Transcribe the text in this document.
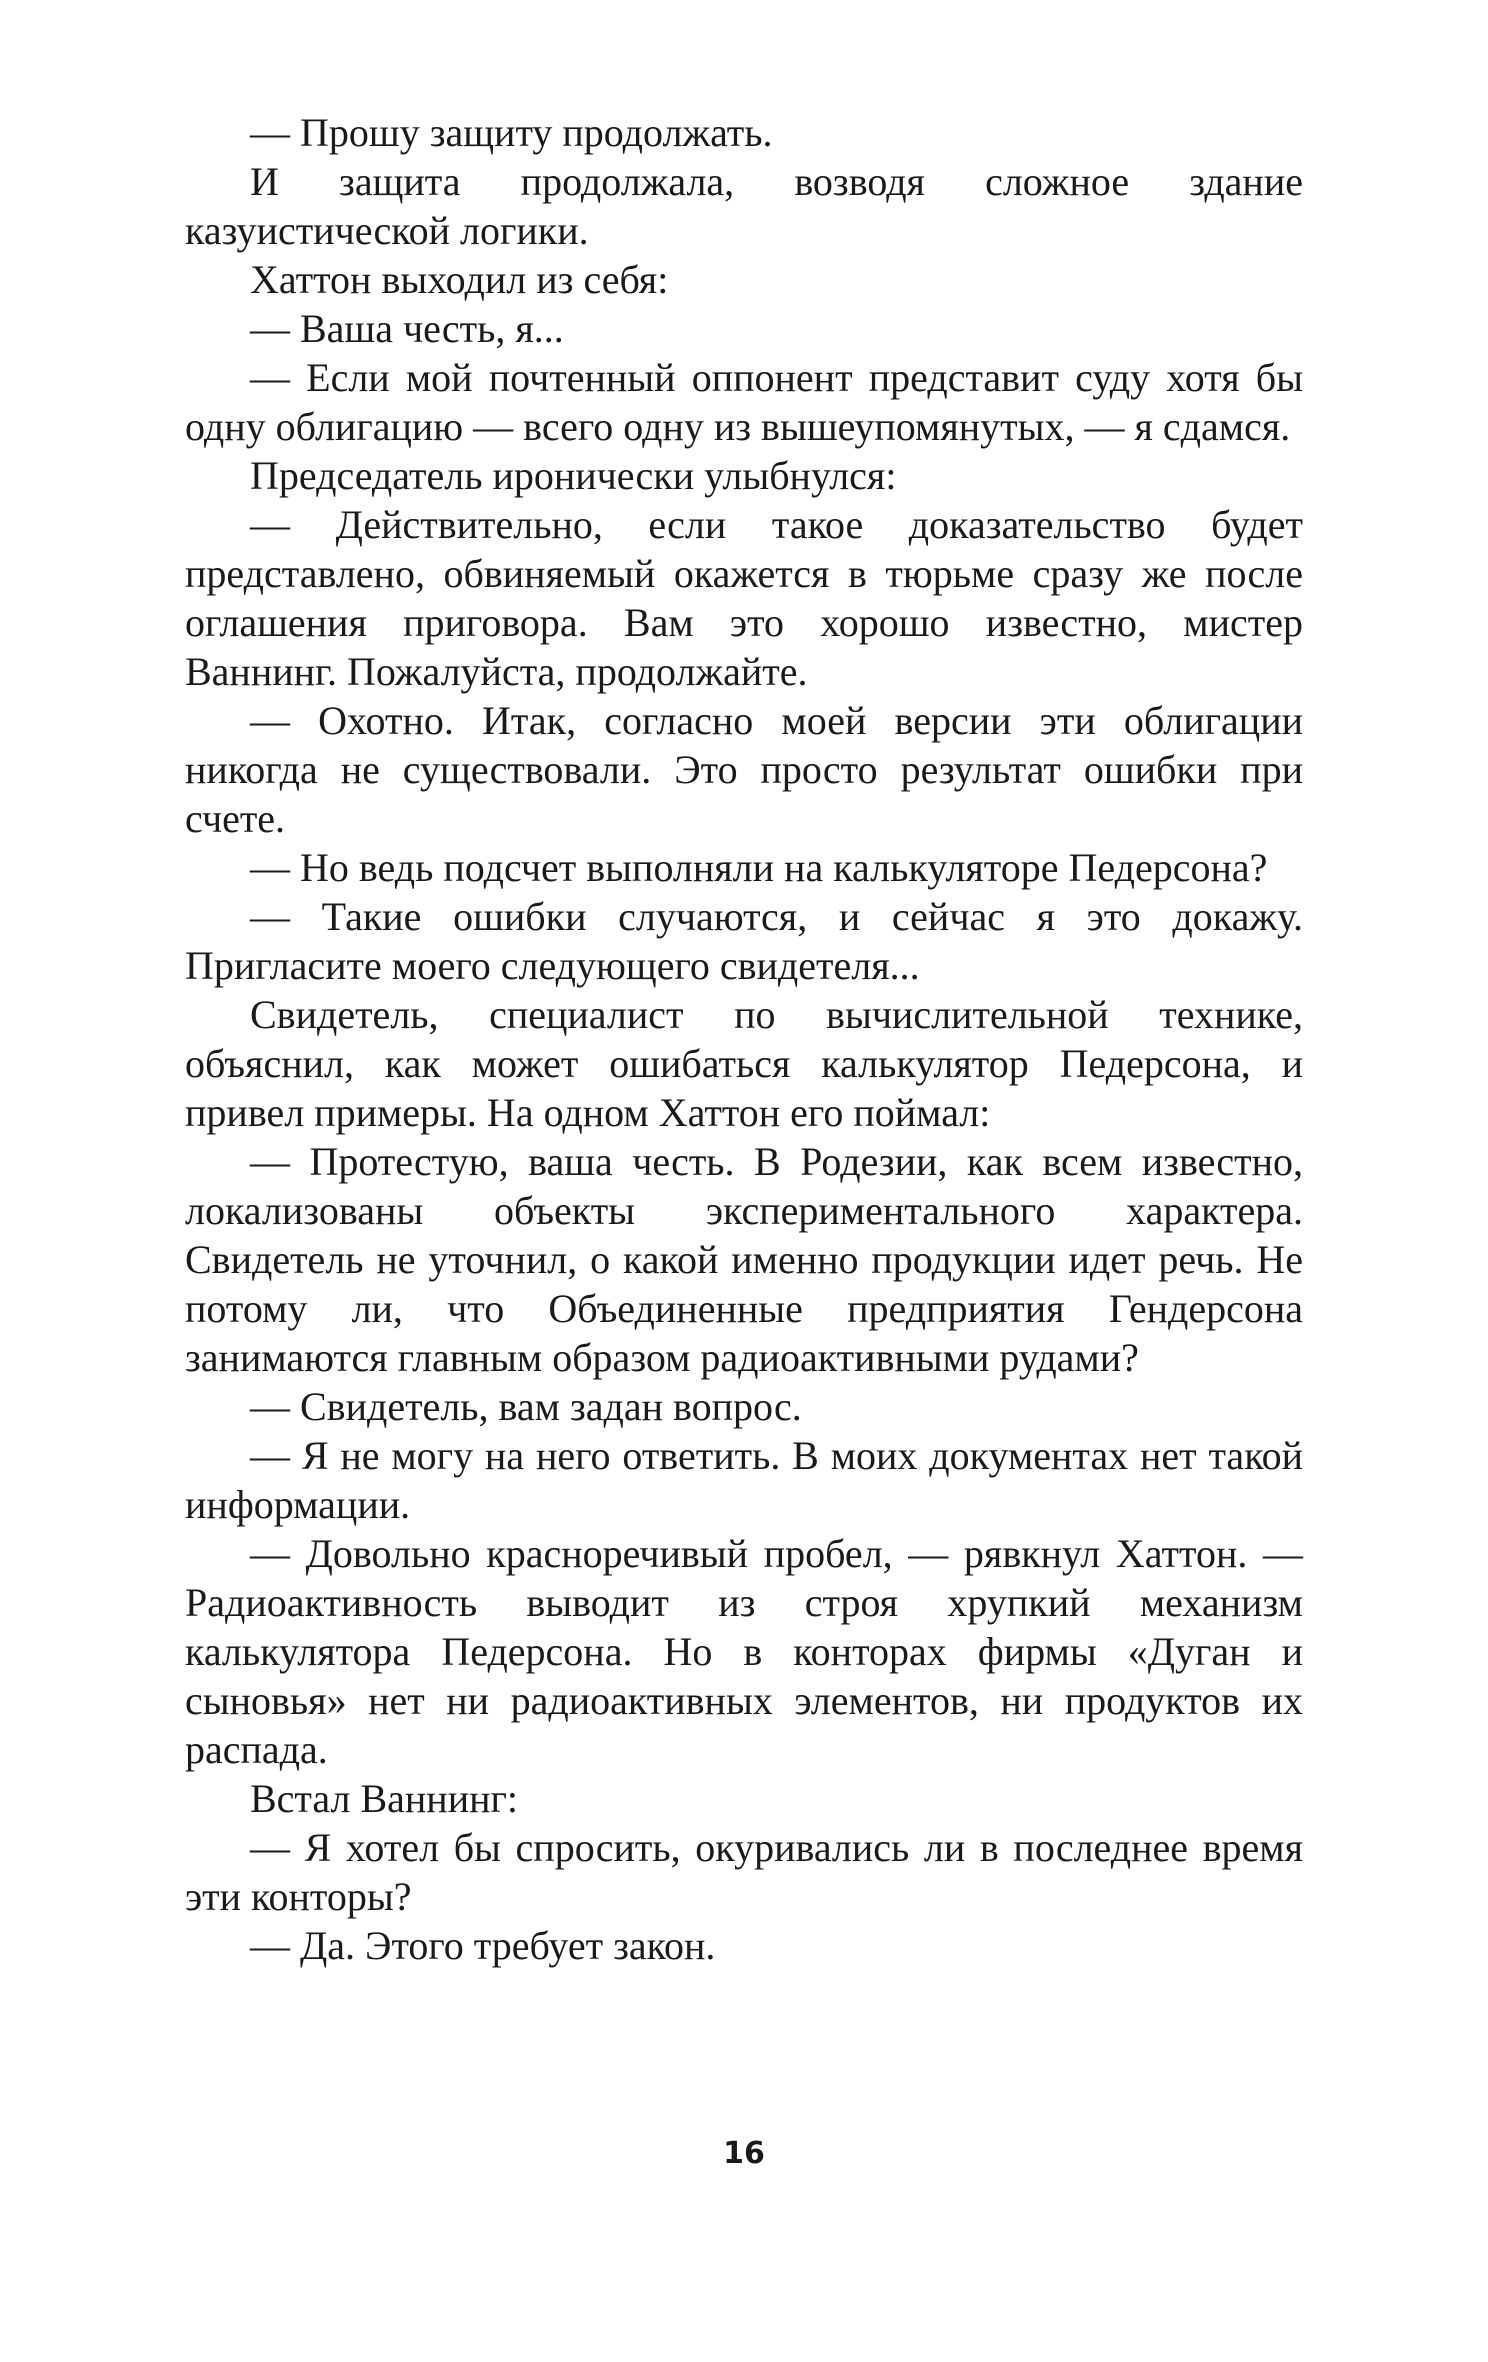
— Прошу защиту продолжать.

И защита продолжала, возводя сложное здание казуистической логики.

Хаттон выходил из себя:

— Ваша честь, я...

— Если мой почтенный оппонент представит суду хотя бы одну облигацию — всего одну из вышеупомянутых, — я сдамся.

Председатель иронически улыбнулся:

— Действительно, если такое доказательство будет представлено, обвиняемый окажется в тюрьме сразу же после оглашения приговора. Вам это хорошо известно, мистер Ваннинг. Пожалуйста, продолжайте.

— Охотно. Итак, согласно моей версии эти облигации никогда не существовали. Это просто результат ошибки при счете.

— Но ведь подсчет выполняли на калькуляторе Педерсона?

— Такие ошибки случаются, и сейчас я это докажу. Пригласите моего следующего свидетеля...

Свидетель, специалист по вычислительной технике, объяснил, как может ошибаться калькулятор Педерсона, и привел примеры. На одном Хаттон его поймал:

— Протестую, ваша честь. В Родезии, как всем известно, локализованы объекты экспериментального характера. Свидетель не уточнил, о какой именно продукции идет речь. Не потому ли, что Объединенные предприятия Гендерсона занимаются главным образом радиоактивными рудами?

— Свидетель, вам задан вопрос.

— Я не могу на него ответить. В моих документах нет такой информации.

— Довольно красноречивый пробел, — рявкнул Хаттон. — Радиоактивность выводит из строя хрупкий механизм калькулятора Педерсона. Но в конторах фирмы «Дуган и сыновья» нет ни радиоактивных элементов, ни продуктов их распада.

Встал Ваннинг:

— Я хотел бы спросить, окуривались ли в последнее время эти конторы?

— Да. Этого требует закон.

16
